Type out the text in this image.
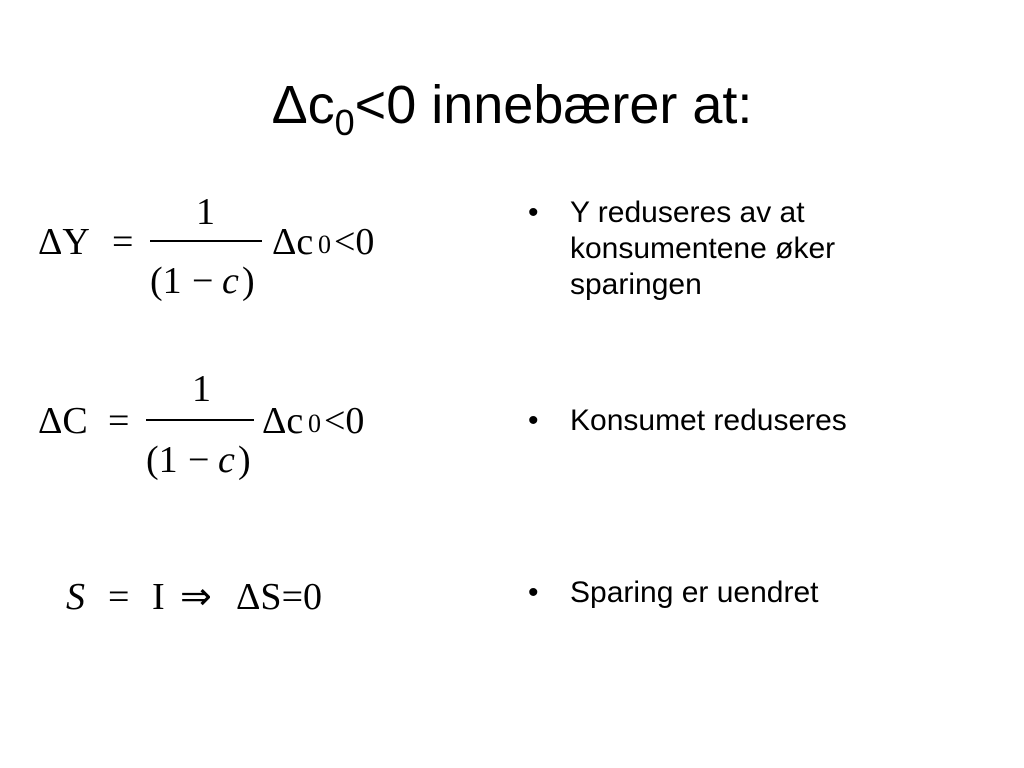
$\Delta c_0<0$ innebærer at:
ΔY =
1
(1 − c )
Δc 0 <0
ΔC =
1
(1 − c )
Δc 0 <0
S = I ⇒ ΔS=0
• Y reduseres av at konsumentene øker sparingen
• Konsumet reduseres
• Sparing er uendret
